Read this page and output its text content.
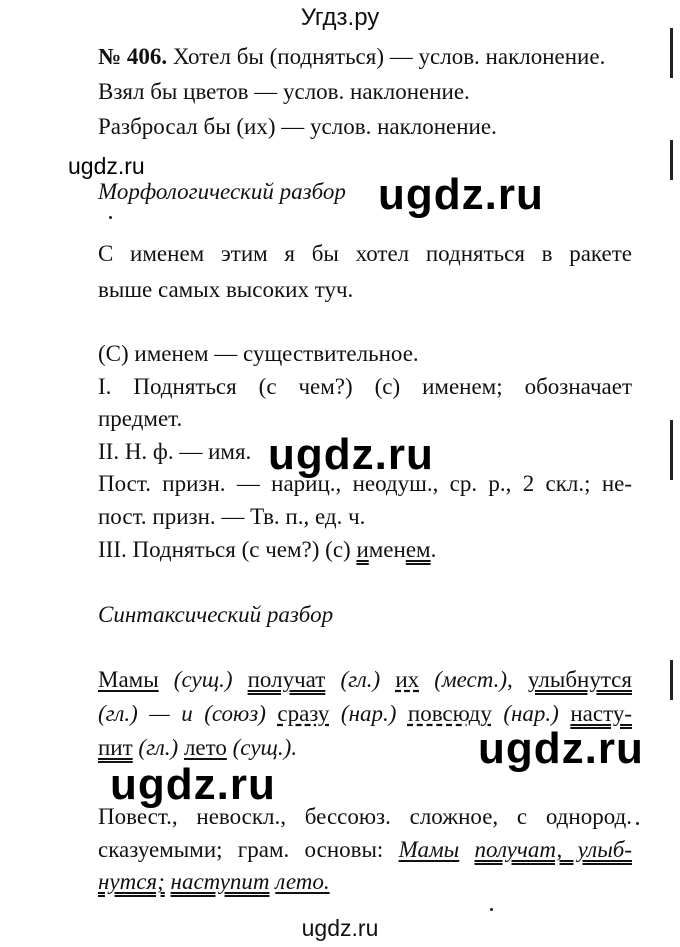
Угдз.ру
№ 406. Хотел бы (подняться) — услов. наклонение.
Взял бы цветов — услов. наклонение.
Разбросал бы (их) — услов. наклонение.
ugdz.ru
Морфологический разбор ugdz.ru
С именем этим я бы хотел подняться в ракете
выше самых высоких туч.
(С) именем — существительное.
I. Подняться (с чем?) (с) именем; обозначает
предмет.
II. Н. ф. — имя. ugdz.ru
Пост. призн. — нариц., неодуш., ср. р., 2 скл.; не-
пост. призн. — Тв. п., ед. ч.
III. Подняться (с чем?) (с) именем.
Синтаксический разбор
Мамы (сущ.) получат (гл.) их (мест.), улыбнутся
(гл.) — и (союз) сразу (нар.) повсюду (нар.) насту-
пит (гл.) лето (сущ.).	ugdz.ru
ugdz.ru
Повест., невоскл., бессоюз. сложное, с однород.
сказуемыми; грам. основы: Мамы получат, улыб-
нутся; наступит лето.
ugdz.ru
